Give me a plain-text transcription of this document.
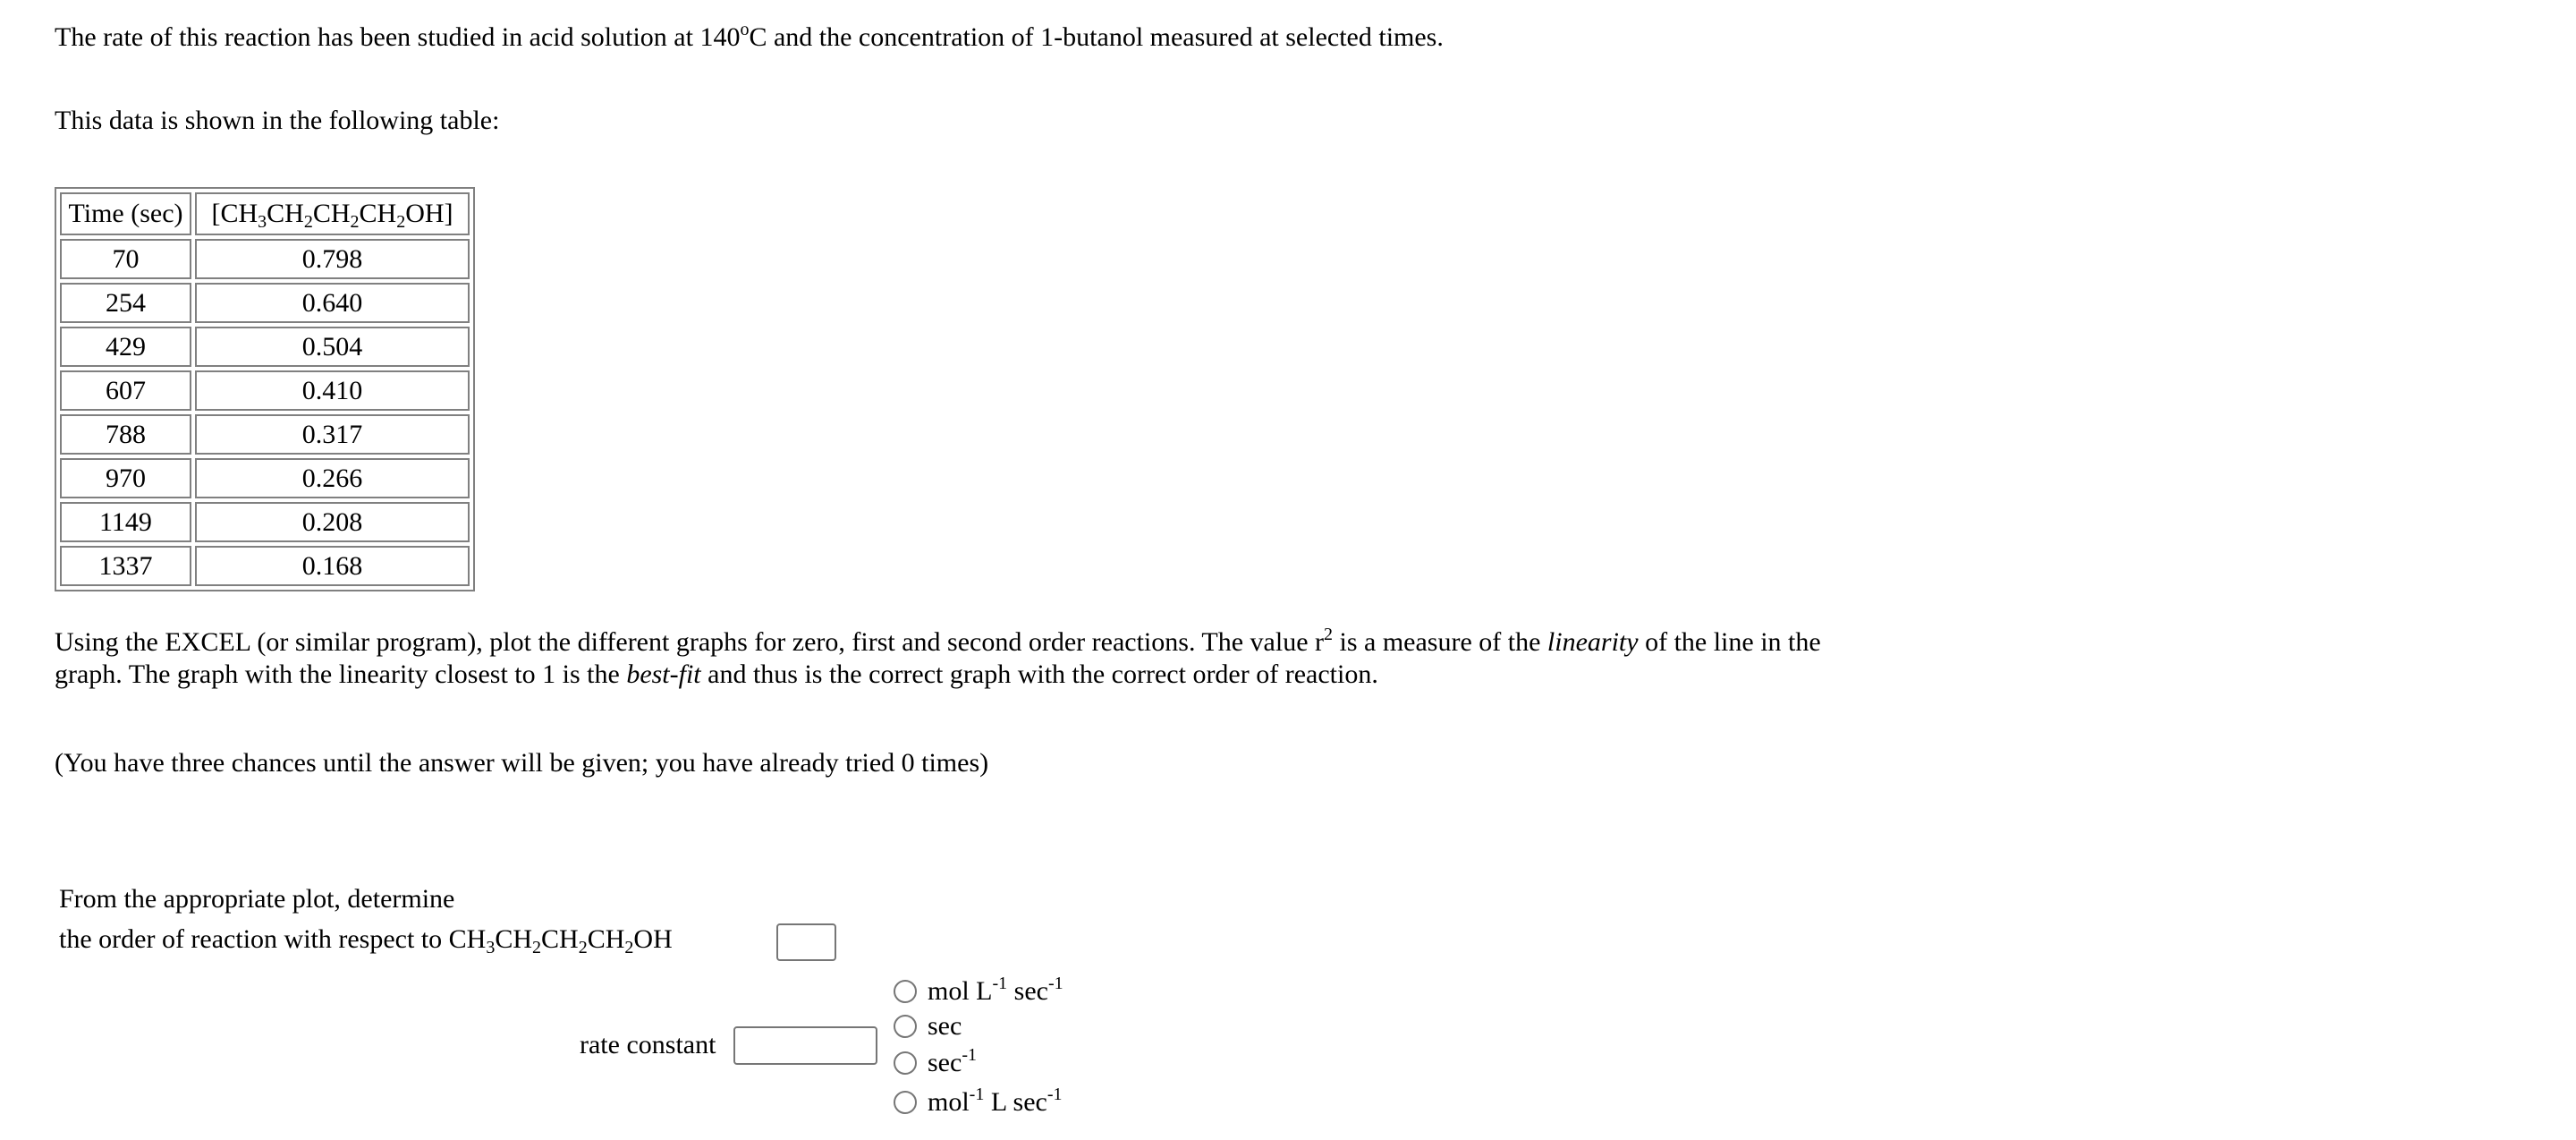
The rate of this reaction has been studied in acid solution at 140$^o$C and the concentration of 1-butanol measured at selected times.

This data is shown in the following table:

Time (sec)	$[CH_3CH_2CH_2CH_2OH]$
70	0.798
254	0.640
429	0.504
607	0.410
788	0.317
970	0.266
1149	0.208
1337	0.168

Using the EXCEL (or similar program), plot the different graphs for zero, first and second order reactions. The value $r^2$ is a measure of the linearity of the line in the graph. The graph with the linearity closest to 1 is the best-fit and thus is the correct graph with the correct order of reaction.

(You have three chances until the answer will be given; you have already tried 0 times)

From the appropriate plot, determine
the order of reaction with respect to $CH_3CH_2CH_2CH_2OH$
rate constant
mol $L^{-1}$ $\sec^{-1}$
sec
$\sec^{-1}$
mol$^{-1}$ L $\sec^{-1}$
